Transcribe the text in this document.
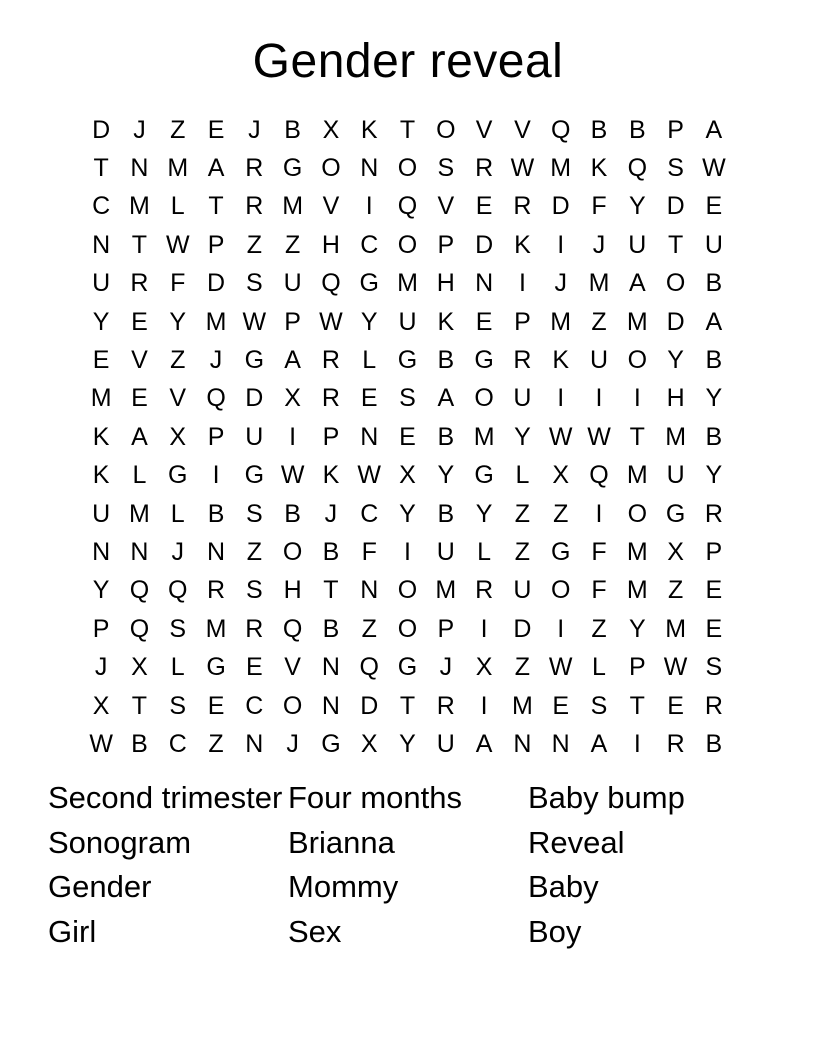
Gender reveal
D J Z E J B X K T O V V Q B B P A
T N M A R G O N O S R W M K Q S W
C M L T R M V	I	Q V E R D F Y D E
N T W P Z Z H C O P D K	I	J U T U
U R F D S U Q G M H N	I	J M A O B
Y E Y M W P W Y U K E P M Z M D A
E V Z J G A R L G B G R K U O Y B
M E V Q D X R E S A O U	I	I	I	H Y
K A X P U	I	P N E B M Y W W T M B
K L G	I	G W K W X Y G L X Q M U Y
U M L B S B J C Y B Y Z Z	I	O G R
N N J N Z O B F	I	U L Z G F M X P
Y Q Q R S H T N O M R U O F M Z E
P Q S M R Q B Z O P	I	D	I	Z Y M E
J X L G E V N Q G J X Z W L P W S
X T S E C O N D T R	I M E S T E R
W B C Z N J G X Y U A N N A	I	R B
Second trimester
Sonogram
Gender
Girl
Four months
Brianna
Mommy
Sex
Baby bump
Reveal
Baby
Boy
